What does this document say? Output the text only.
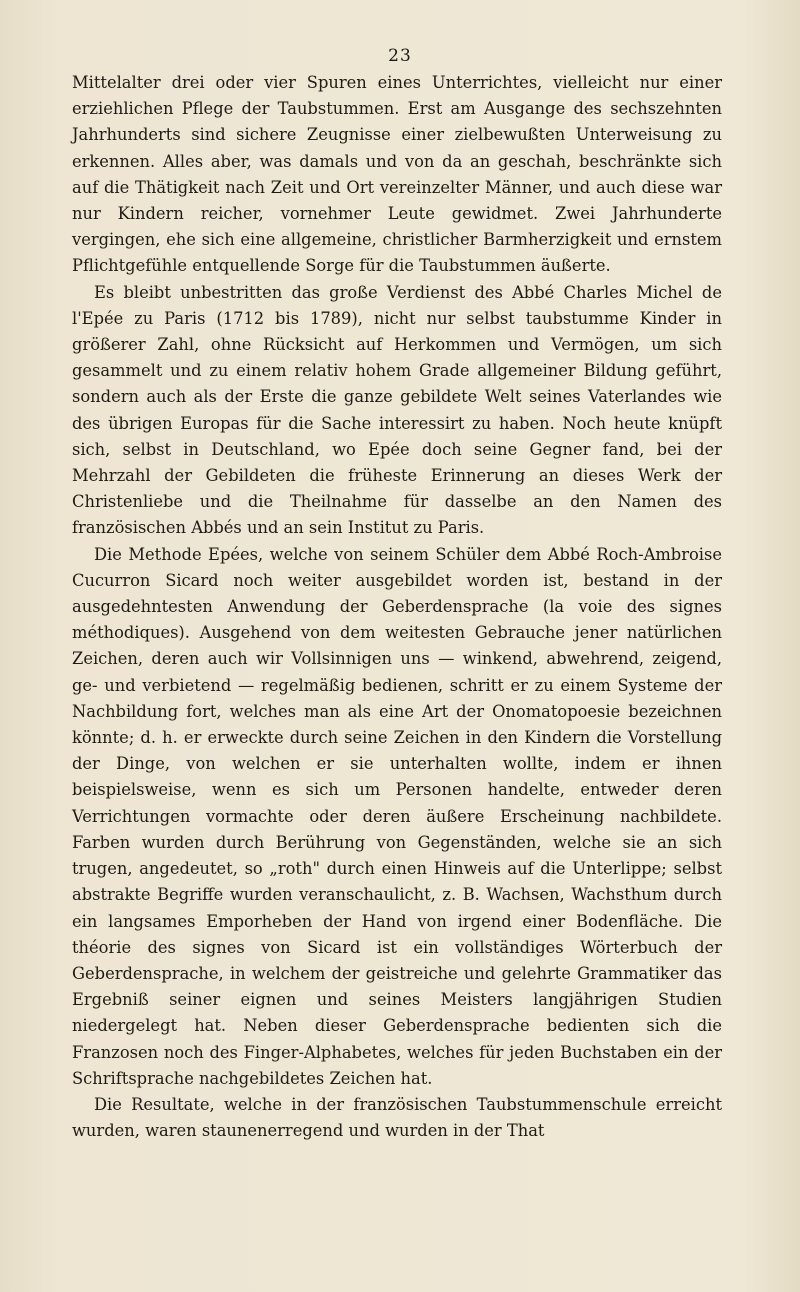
23

Mittelalter drei oder vier Spuren eines Unterrichtes, vielleicht nur einer erziehlichen Pflege der Taubstummen. Erst am Ausgange des sechszehnten Jahrhunderts sind sichere Zeugnisse einer zielbewußten Unterweisung zu erkennen. Alles aber, was damals und von da an geschah, beschränkte sich auf die Thätigkeit nach Zeit und Ort vereinzelter Männer, und auch diese war nur Kindern reicher, vornehmer Leute gewidmet. Zwei Jahrhunderte vergingen, ehe sich eine allgemeine, christlicher Barmherzigkeit und ernstem Pflichtgefühle entquellende Sorge für die Taubstummen äußerte.

Es bleibt unbestritten das große Verdienst des Abbé Charles Michel de l'Epée zu Paris (1712 bis 1789), nicht nur selbst taubstumme Kinder in größerer Zahl, ohne Rücksicht auf Herkommen und Vermögen, um sich gesammelt und zu einem relativ hohem Grade allgemeiner Bildung geführt, sondern auch als der Erste die ganze gebildete Welt seines Vaterlandes wie des übrigen Europas für die Sache interessirt zu haben. Noch heute knüpft sich, selbst in Deutschland, wo Epée doch seine Gegner fand, bei der Mehrzahl der Gebildeten die früheste Erinnerung an dieses Werk der Christenliebe und die Theilnahme für dasselbe an den Namen des französischen Abbés und an sein Institut zu Paris.

Die Methode Epées, welche von seinem Schüler dem Abbé Roch-Ambroise Cucurron Sicard noch weiter ausgebildet worden ist, bestand in der ausgedehntesten Anwendung der Geberdensprache (la voie des signes méthodiques). Ausgehend von dem weitesten Gebrauche jener natürlichen Zeichen, deren auch wir Vollsinnigen uns — winkend, abwehrend, zeigend, ge- und verbietend — regelmäßig bedienen, schritt er zu einem Systeme der Nachbildung fort, welches man als eine Art der Onomatopoesie bezeichnen könnte; d. h. er erweckte durch seine Zeichen in den Kindern die Vorstellung der Dinge, von welchen er sie unterhalten wollte, indem er ihnen beispielsweise, wenn es sich um Personen handelte, entweder deren Verrichtungen vormachte oder deren äußere Erscheinung nachbildete. Farben wurden durch Berührung von Gegenständen, welche sie an sich trugen, angedeutet, so „roth" durch einen Hinweis auf die Unterlippe; selbst abstrakte Begriffe wurden veranschaulicht, z. B. Wachsen, Wachsthum durch ein langsames Emporheben der Hand von irgend einer Bodenfläche. Die théorie des signes von Sicard ist ein vollständiges Wörterbuch der Geberdensprache, in welchem der geistreiche und gelehrte Grammatiker das Ergebniß seiner eignen und seines Meisters langjährigen Studien niedergelegt hat. Neben dieser Geberdensprache bedienten sich die Franzosen noch des Finger-Alphabetes, welches für jeden Buchstaben ein der Schriftsprache nachgebildetes Zeichen hat.

Die Resultate, welche in der französischen Taubstummenschule erreicht wurden, waren staunenerregend und wurden in der That
